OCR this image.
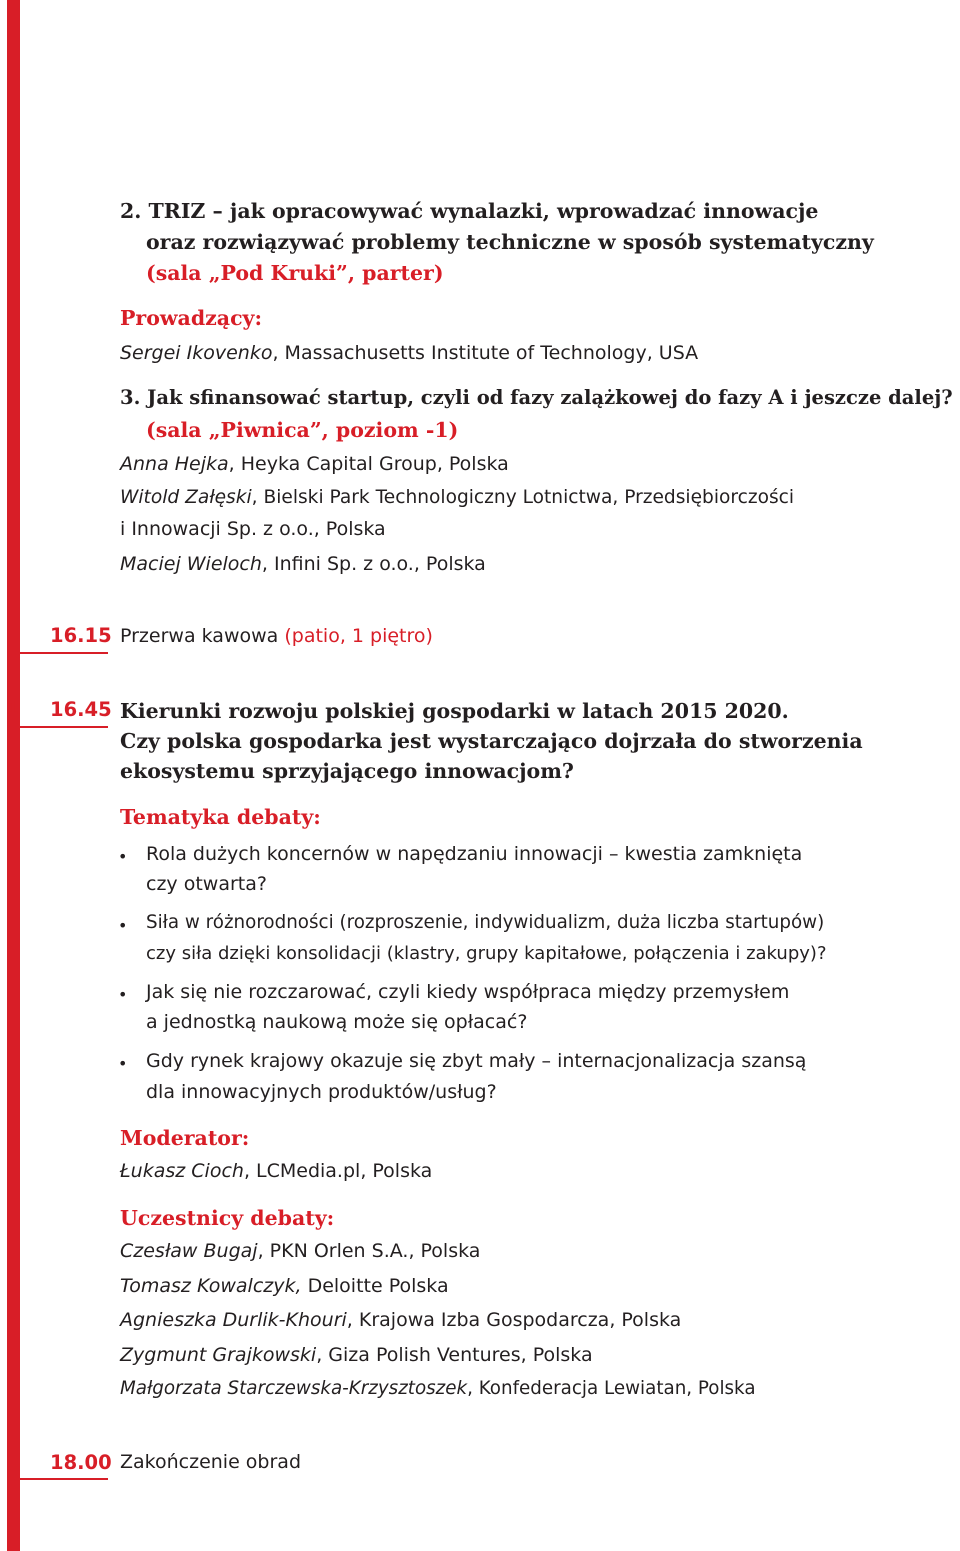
2. TRIZ – jak opracowywać wynalazki, wprowadzać innowacje
oraz rozwiązywać problemy techniczne w sposób systematyczny
(sala „Pod Kruki”, parter)
Prowadzący:
Sergei Ikovenko, Massachusetts Institute of Technology, USA
3. Jak sfinansować startup, czyli od fazy zalążkowej do fazy A i jeszcze dalej?
(sala „Piwnica”, poziom -1)
Anna Hejka, Heyka Capital Group, Polska
Witold Załęski, Bielski Park Technologiczny Lotnictwa, Przedsiębiorczości
i Innowacji Sp. z o.o., Polska
Maciej Wieloch, Infini Sp. z o.o., Polska
16.15 Przerwa kawowa (patio, 1 piętro)
1 16.45 Kierunki rozwoju polskiej gospodarki w latach 2015 2020.
Czy polska gospodarka jest wystarczająco dojrzała do stworzenia
ekosystemu sprzyjającego innowacjom?
Tematyka debaty:
• Rola dużych koncernów w napędzaniu innowacji – kwestia zamknięta
czy otwarta?
• Siła w różnorodności (rozproszenie, indywidualizm, duża liczba startupów)
czy siła dzięki konsolidacji (klastry, grupy kapitałowe, połączenia i zakupy)?
• Jak się nie rozczarować, czyli kiedy współpraca między przemysłem
a jednostką naukową może się opłacać?
• Gdy rynek krajowy okazuje się zbyt mały – internacjonalizacja szansą
dla innowacyjnych produktów/usług?
Moderator:
Łukasz Cioch, LCMedia.pl, Polska
Uczestnicy debaty:
Czesław Bugaj, PKN Orlen S.A., Polska
Tomasz Kowalczyk, Deloitte Polska
Agnieszka Durlik-Khouri, Krajowa Izba Gospodarcza, Polska
Zygmunt Grajkowski, Giza Polish Ventures, Polska
Małgorzata Starczewska-Krzysztoszek, Konfederacja Lewiatan, Polska
18.00 Zakończenie obrad
